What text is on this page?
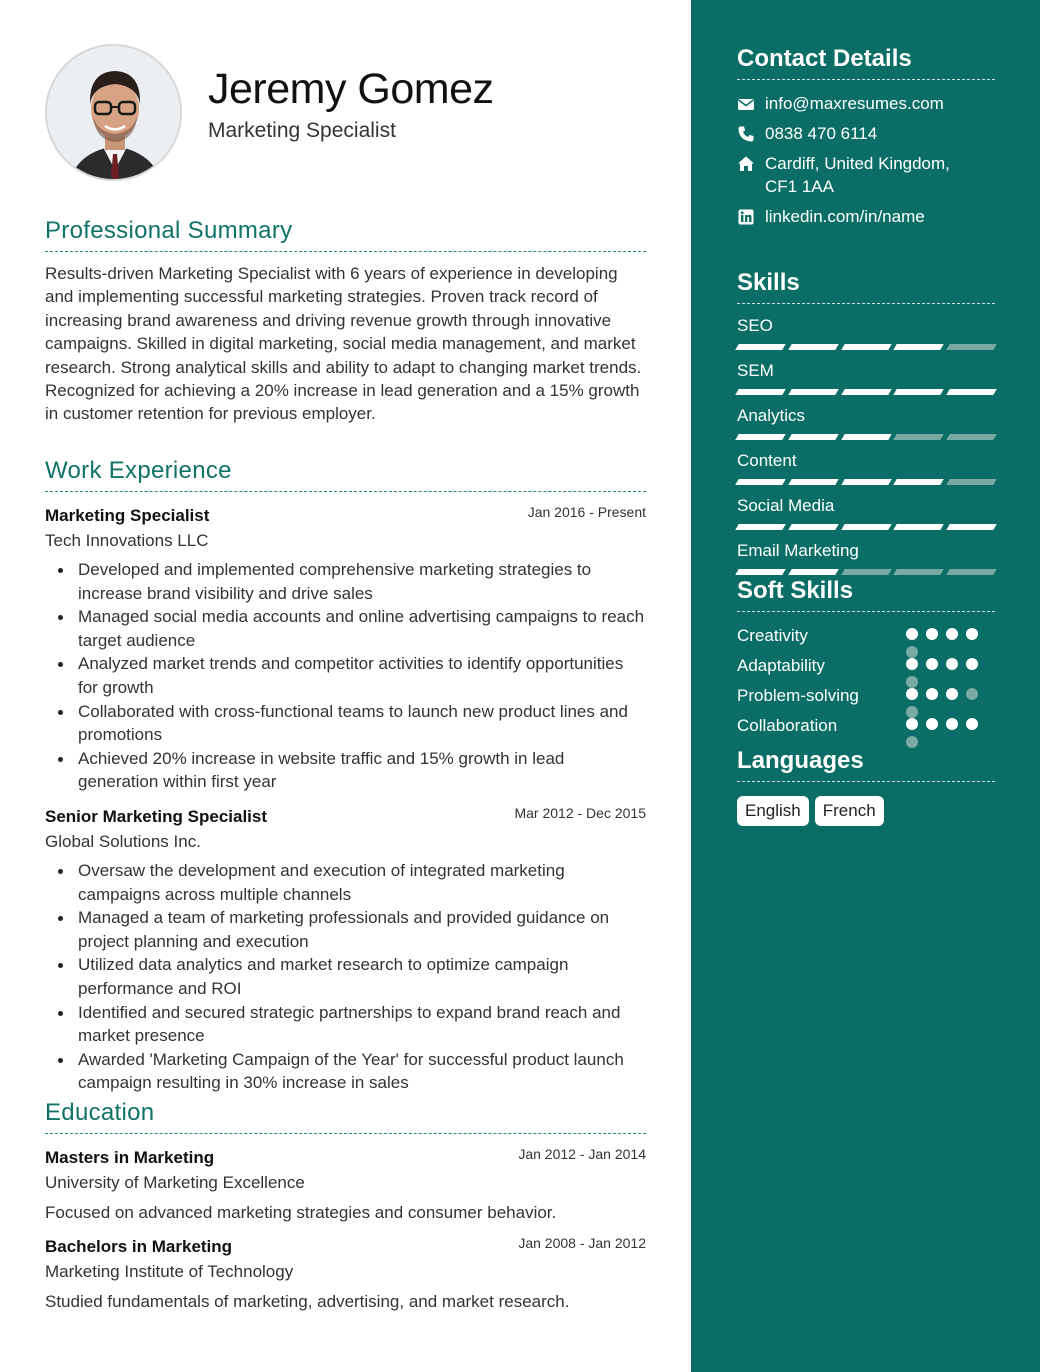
Jeremy Gomez
Marketing Specialist
Professional Summary

Results-driven Marketing Specialist with 6 years of experience in developing and implementing successful marketing strategies. Proven track record of increasing brand awareness and driving revenue growth through innovative campaigns. Skilled in digital marketing, social media management, and market research. Strong analytical skills and ability to adapt to changing market trends. Recognized for achieving a 20% increase in lead generation and a 15% growth in customer retention for previous employer.

Work Experience
Marketing Specialist	Jan 2016 - Present
Tech Innovations LLC
Developed and implemented comprehensive marketing strategies to increase brand visibility and drive sales
Managed social media accounts and online advertising campaigns to reach target audience
Analyzed market trends and competitor activities to identify opportunities for growth
Collaborated with cross-functional teams to launch new product lines and promotions
Achieved 20% increase in website traffic and 15% growth in lead generation within first year
Senior Marketing Specialist	Mar 2012 - Dec 2015
Global Solutions Inc.
Oversaw the development and execution of integrated marketing campaigns across multiple channels
Managed a team of marketing professionals and provided guidance on project planning and execution
Utilized data analytics and market research to optimize campaign performance and ROI
Identified and secured strategic partnerships to expand brand reach and market presence
Awarded 'Marketing Campaign of the Year' for successful product launch campaign resulting in 30% increase in sales
Education
Masters in Marketing	Jan 2012 - Jan 2014
University of Marketing Excellence
Focused on advanced marketing strategies and consumer behavior.
Bachelors in Marketing	Jan 2008 - Jan 2012
Marketing Institute of Technology
Studied fundamentals of marketing, advertising, and market research.
Contact Details
info@maxresumes.com
0838 470 6114
Cardiff, United Kingdom,
CF1 1AA
linkedin.com/in/name
Skills
SEO
SEM
Analytics
Content
Social Media
Email Marketing
Soft Skills
Creativity
Adaptability
Problem-solving
Collaboration
Languages
English	French
